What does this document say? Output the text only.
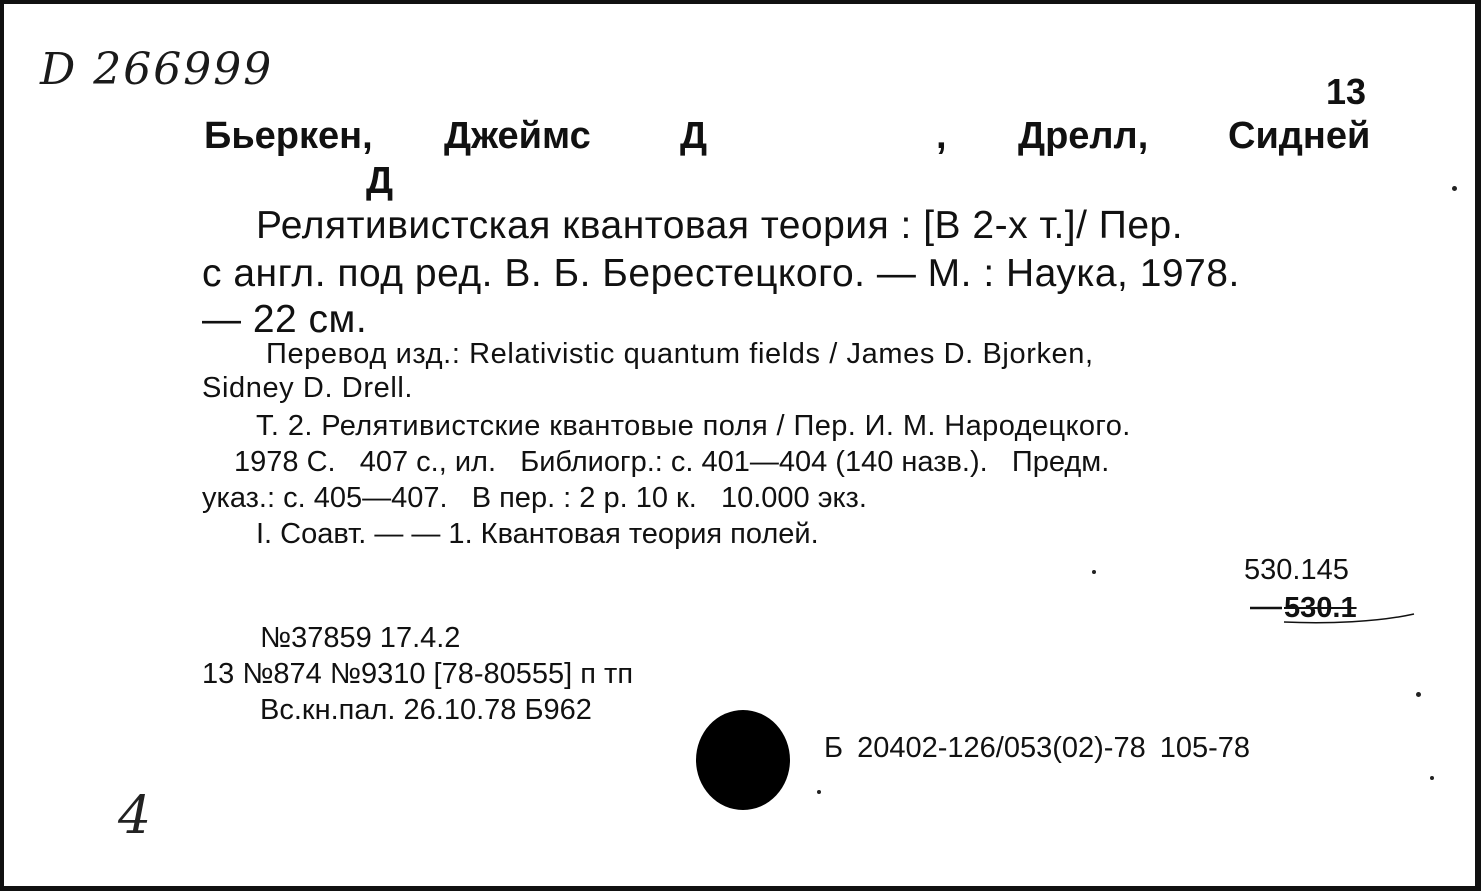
D 266999	13
Бьеркен, Джеймс Д	, Дрелл, Сидней
Д
Релятивистская квантовая теория : [В 2-х т.]/ Пер.
с англ. под ред. В. Б. Берестецкого. — М. : Наука, 1978.
— 22 см.
Перевод изд.: Relativistic quantum fields / James D. Bjorken,
Sidney D. Drell.
Т. 2. Релятивистские квантовые поля / Пер. И. М. Народецкого.
1978 С.   407 с., ил.   Библиогр.: с. 401—404 (140 назв.).   Предм.
указ.: с. 405—407.   В пер. : 2 р. 10 к.   10.000 экз.
I. Соавт. — — 1. Квантовая теория полей.
530.145
530.1
№37859 17.4.2
13 №874 №9310 [78-80555] п тп
Вс.кн.пал. 26.10.78 Б962
Б 20402-126/053(02)-78 105-78
4
